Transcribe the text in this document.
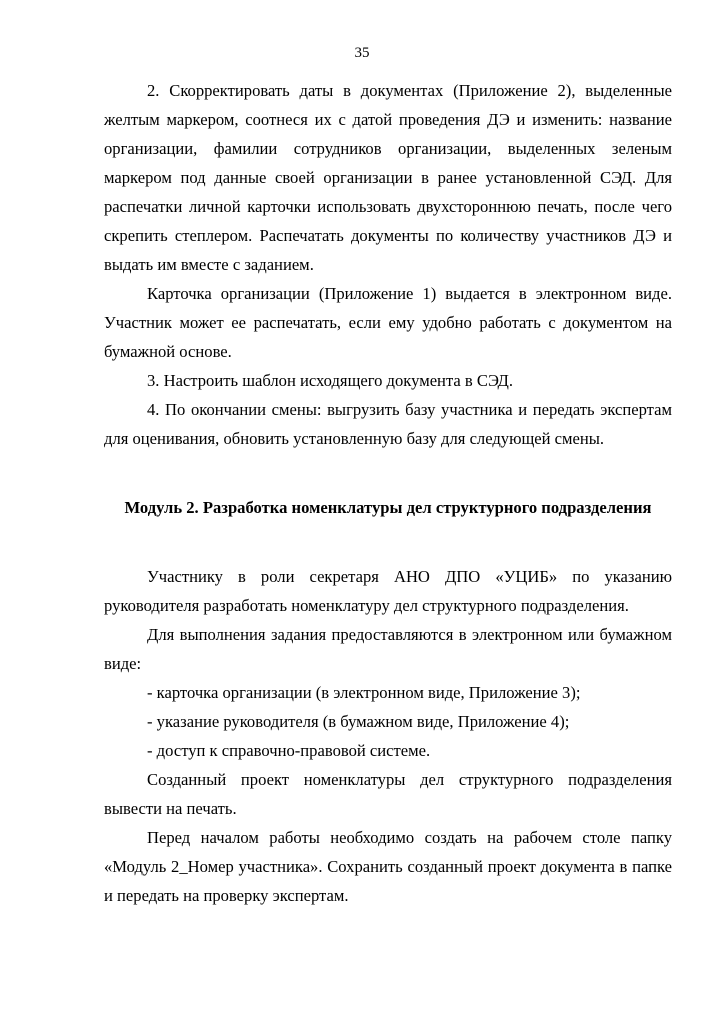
35

2. Скорректировать даты в документах (Приложение 2), выделенные желтым маркером, соотнеся их с датой проведения ДЭ и изменить: название организации, фамилии сотрудников организации, выделенных зеленым маркером под данные своей организации в ранее установленной СЭД. Для распечатки личной карточки использовать двухстороннюю печать, после чего скрепить степлером. Распечатать документы по количеству участников ДЭ и выдать им вместе с заданием.

Карточка организации (Приложение 1) выдается в электронном виде. Участник может ее распечатать, если ему удобно работать с документом на бумажной основе.

3. Настроить шаблон исходящего документа в СЭД.

4. По окончании смены: выгрузить базу участника и передать экспертам для оценивания, обновить установленную базу для следующей смены.

Модуль 2. Разработка номенклатуры дел структурного подразделения

Участнику в роли секретаря АНО ДПО «УЦИБ» по указанию руководителя разработать номенклатуру дел структурного подразделения.

Для выполнения задания предоставляются в электронном или бумажном виде:

- карточка организации (в электронном виде, Приложение 3);

- указание руководителя (в бумажном виде, Приложение 4);

- доступ к справочно-правовой системе.

Созданный проект номенклатуры дел структурного подразделения вывести на печать.

Перед началом работы необходимо создать на рабочем столе папку «Модуль 2_Номер участника». Сохранить созданный проект документа в папке и передать на проверку экспертам.
